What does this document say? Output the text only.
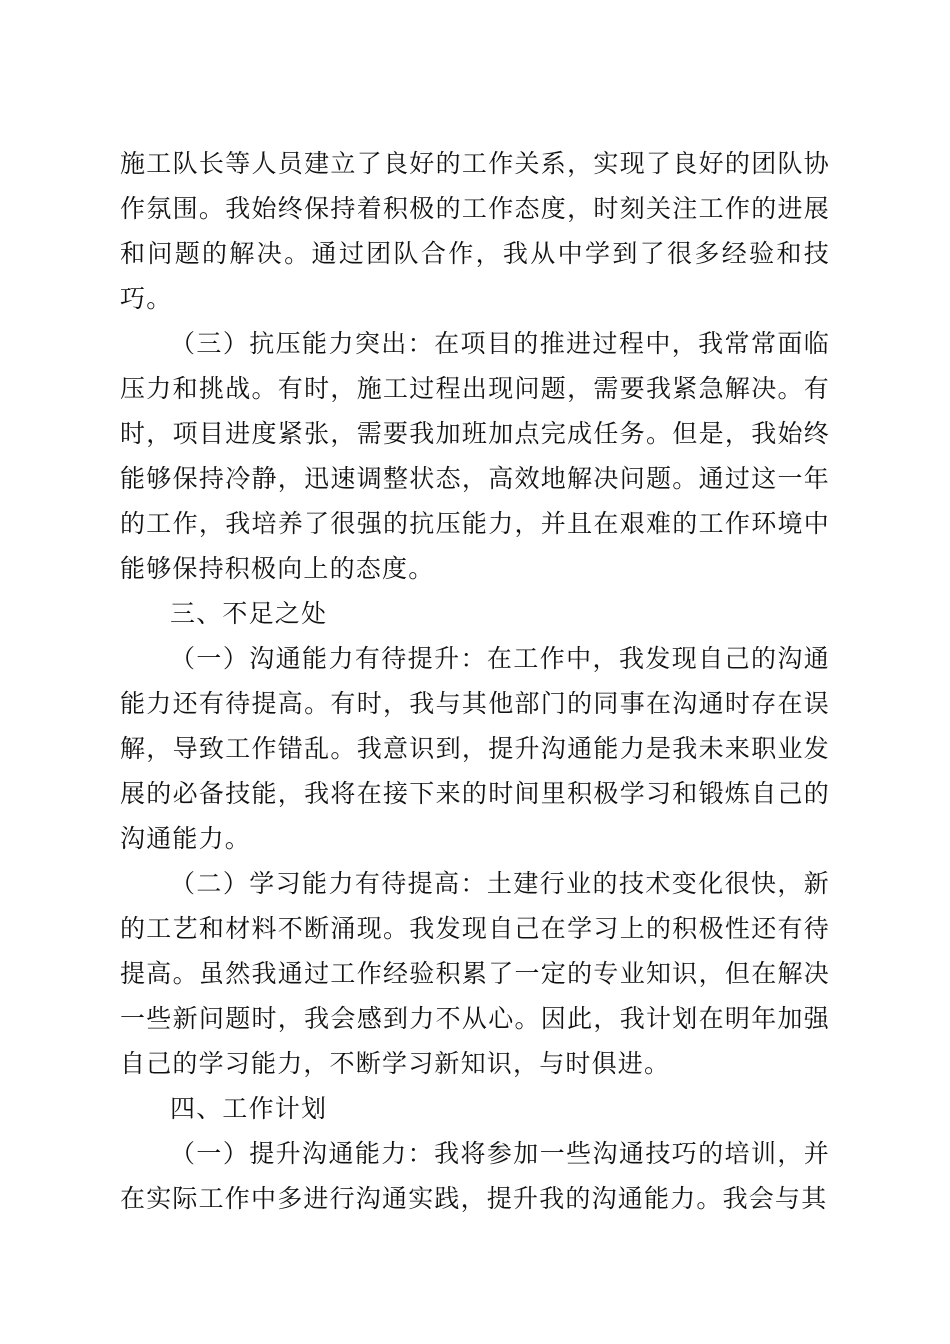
施工队长等人员建立了良好的工作关系，实现了良好的团队协作氛围。我始终保持着积极的工作态度，时刻关注工作的进展和问题的解决。通过团队合作，我从中学到了很多经验和技巧。

（三）抗压能力突出：在项目的推进过程中，我常常面临压力和挑战。有时，施工过程出现问题，需要我紧急解决。有时，项目进度紧张，需要我加班加点完成任务。但是，我始终能够保持冷静，迅速调整状态，高效地解决问题。通过这一年的工作，我培养了很强的抗压能力，并且在艰难的工作环境中能够保持积极向上的态度。

三、不足之处

（一）沟通能力有待提升：在工作中，我发现自己的沟通能力还有待提高。有时，我与其他部门的同事在沟通时存在误解，导致工作错乱。我意识到，提升沟通能力是我未来职业发展的必备技能，我将在接下来的时间里积极学习和锻炼自己的沟通能力。

（二）学习能力有待提高：土建行业的技术变化很快，新的工艺和材料不断涌现。我发现自己在学习上的积极性还有待提高。虽然我通过工作经验积累了一定的专业知识，但在解决一些新问题时，我会感到力不从心。因此，我计划在明年加强自己的学习能力，不断学习新知识，与时俱进。

四、工作计划

（一）提升沟通能力：我将参加一些沟通技巧的培训，并在实际工作中多进行沟通实践，提升我的沟通能力。我会与其
